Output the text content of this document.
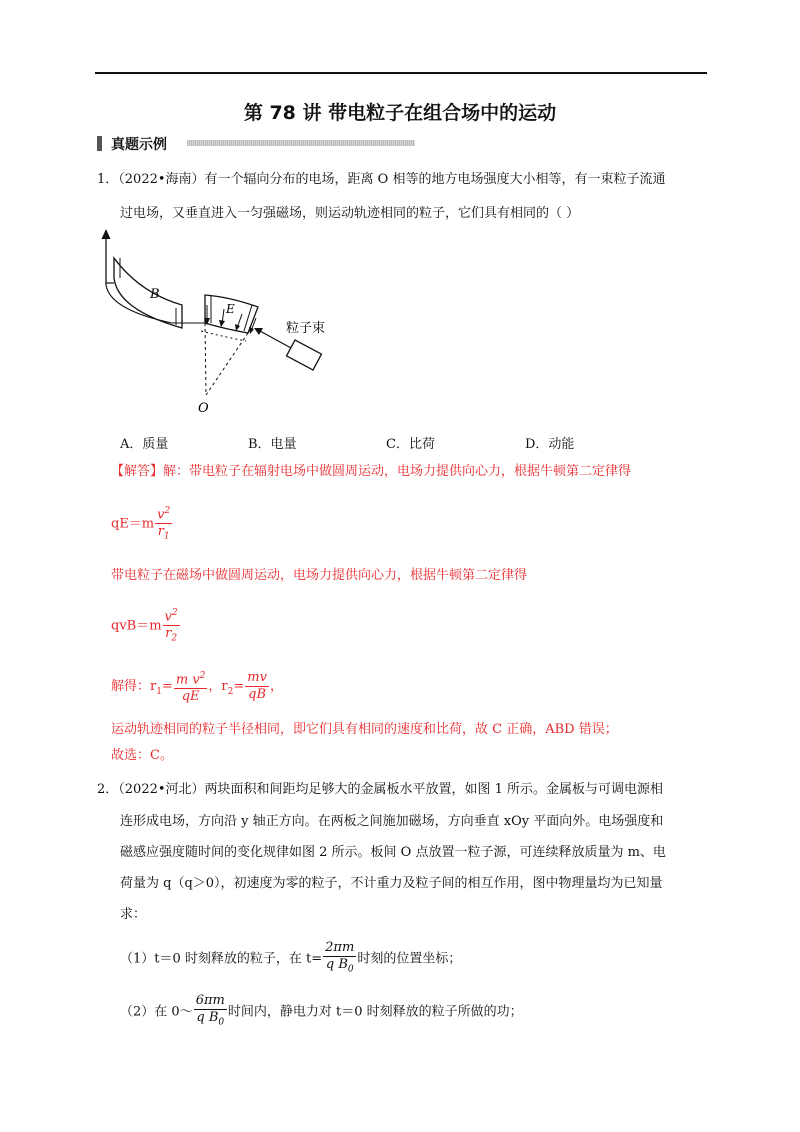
第 78 讲 带电粒子在组合场中的运动
真题示例
1．（2022•海南）有一个辐向分布的电场，距离 O 相等的地方电场强度大小相等，有一束粒子流通
过电场，又垂直进入一匀强磁场，则运动轨迹相同的粒子，它们具有相同的（ ）
B
E
O
粒子束
A．质量	B．电量	C．比荷	D．动能
【解答】解：带电粒子在辐射电场中做圆周运动，电场力提供向心力，根据牛顿第二定律得
$qE=m \frac{v^2}{r_1}$
带电粒子在磁场中做圆周运动，电场力提供向心力，根据牛顿第二定律得
$qvB=m \frac{v^2}{r_2}$
解得：$r_1= \frac{m v^2}{qE}$ ，$r_2= \frac{mv}{qB}$ ，
运动轨迹相同的粒子半径相同，即它们具有相同的速度和比荷，故 C 正确，ABD 错误；
故选：C。
2．（2022•河北）两块面积和间距均足够大的金属板水平放置，如图 1 所示。金属板与可调电源相
连形成电场，方向沿 y 轴正方向。在两板之间施加磁场，方向垂直 xOy 平面向外。电场强度和
磁感应强度随时间的变化规律如图 2 所示。板间 O 点放置一粒子源，可连续释放质量为 m、电
荷量为 q（q＞0），初速度为零的粒子，不计重力及粒子间的相互作用，图中物理量均为已知量
求：
（1）t＝0 时刻释放的粒子，在 $t= \frac{2\pi m}{q B_0}$ 时刻的位置坐标；
（2）在 0～ $\frac{6\pi m}{q B_0}$ 时间内，静电力对 t＝0 时刻释放的粒子所做的功；
